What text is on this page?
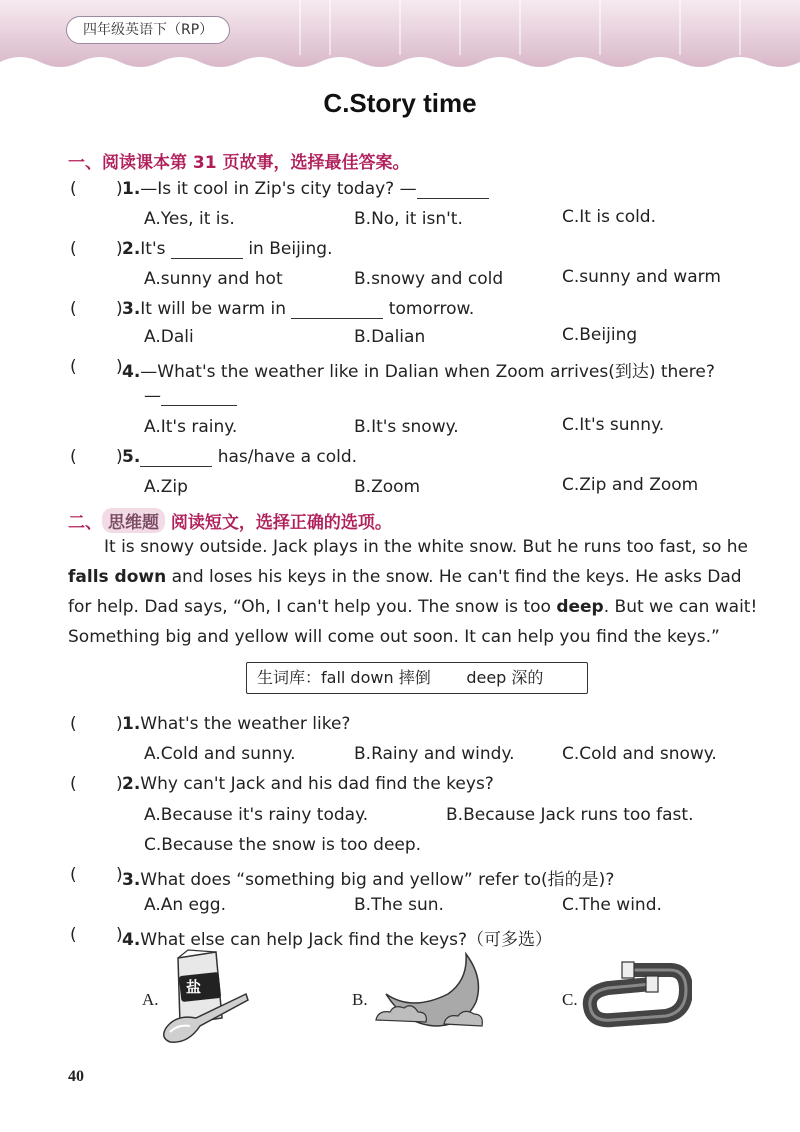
四年级英语下（RP）
C.Story time
一、阅读课本第 31 页故事，选择最佳答案。
( ) 1.—Is it cool in Zip's city today? —
A.Yes, it is.	B.No, it isn't.	C.It is cold.
( ) 2.It's	in Beijing.
A.sunny and hot	B.snowy and cold	C.sunny and warm
( ) 3.It will be warm in	tomorrow.
A.Dali	B.Dalian	C.Beijing
( ) 4.—What's the weather like in Dalian when Zoom arrives(到达) there?
—
A.It's rainy.	B.It's snowy.	C.It's sunny.
( ) 5.	has/have a cold.
A.Zip	B.Zoom	C.Zip and Zoom
二、 思维题 阅读短文，选择正确的选项。
It is snowy outside. Jack plays in the white snow. But he runs too fast, so he
falls down and loses his keys in the snow. He can't find the keys. He asks Dad
for help. Dad says, “Oh, I can't help you. The snow is too deep. But we can wait!
Something big and yellow will come out soon. It can help you find the keys.”
生词库：fall down 摔倒 deep 深的
( ) 1.What's the weather like?
A.Cold and sunny.	B.Rainy and windy.	C.Cold and snowy.
( ) 2.Why can't Jack and his dad find the keys?
A.Because it's rainy today.	B.Because Jack runs too fast.
C.Because the snow is too deep.
( ) 3.What does “something big and yellow” refer to(指的是)?
A.An egg.	B.The sun.	C.The wind.
( ) 4.What else can help Jack find the keys?（可多选）
A.
盐
B.	C.
40
